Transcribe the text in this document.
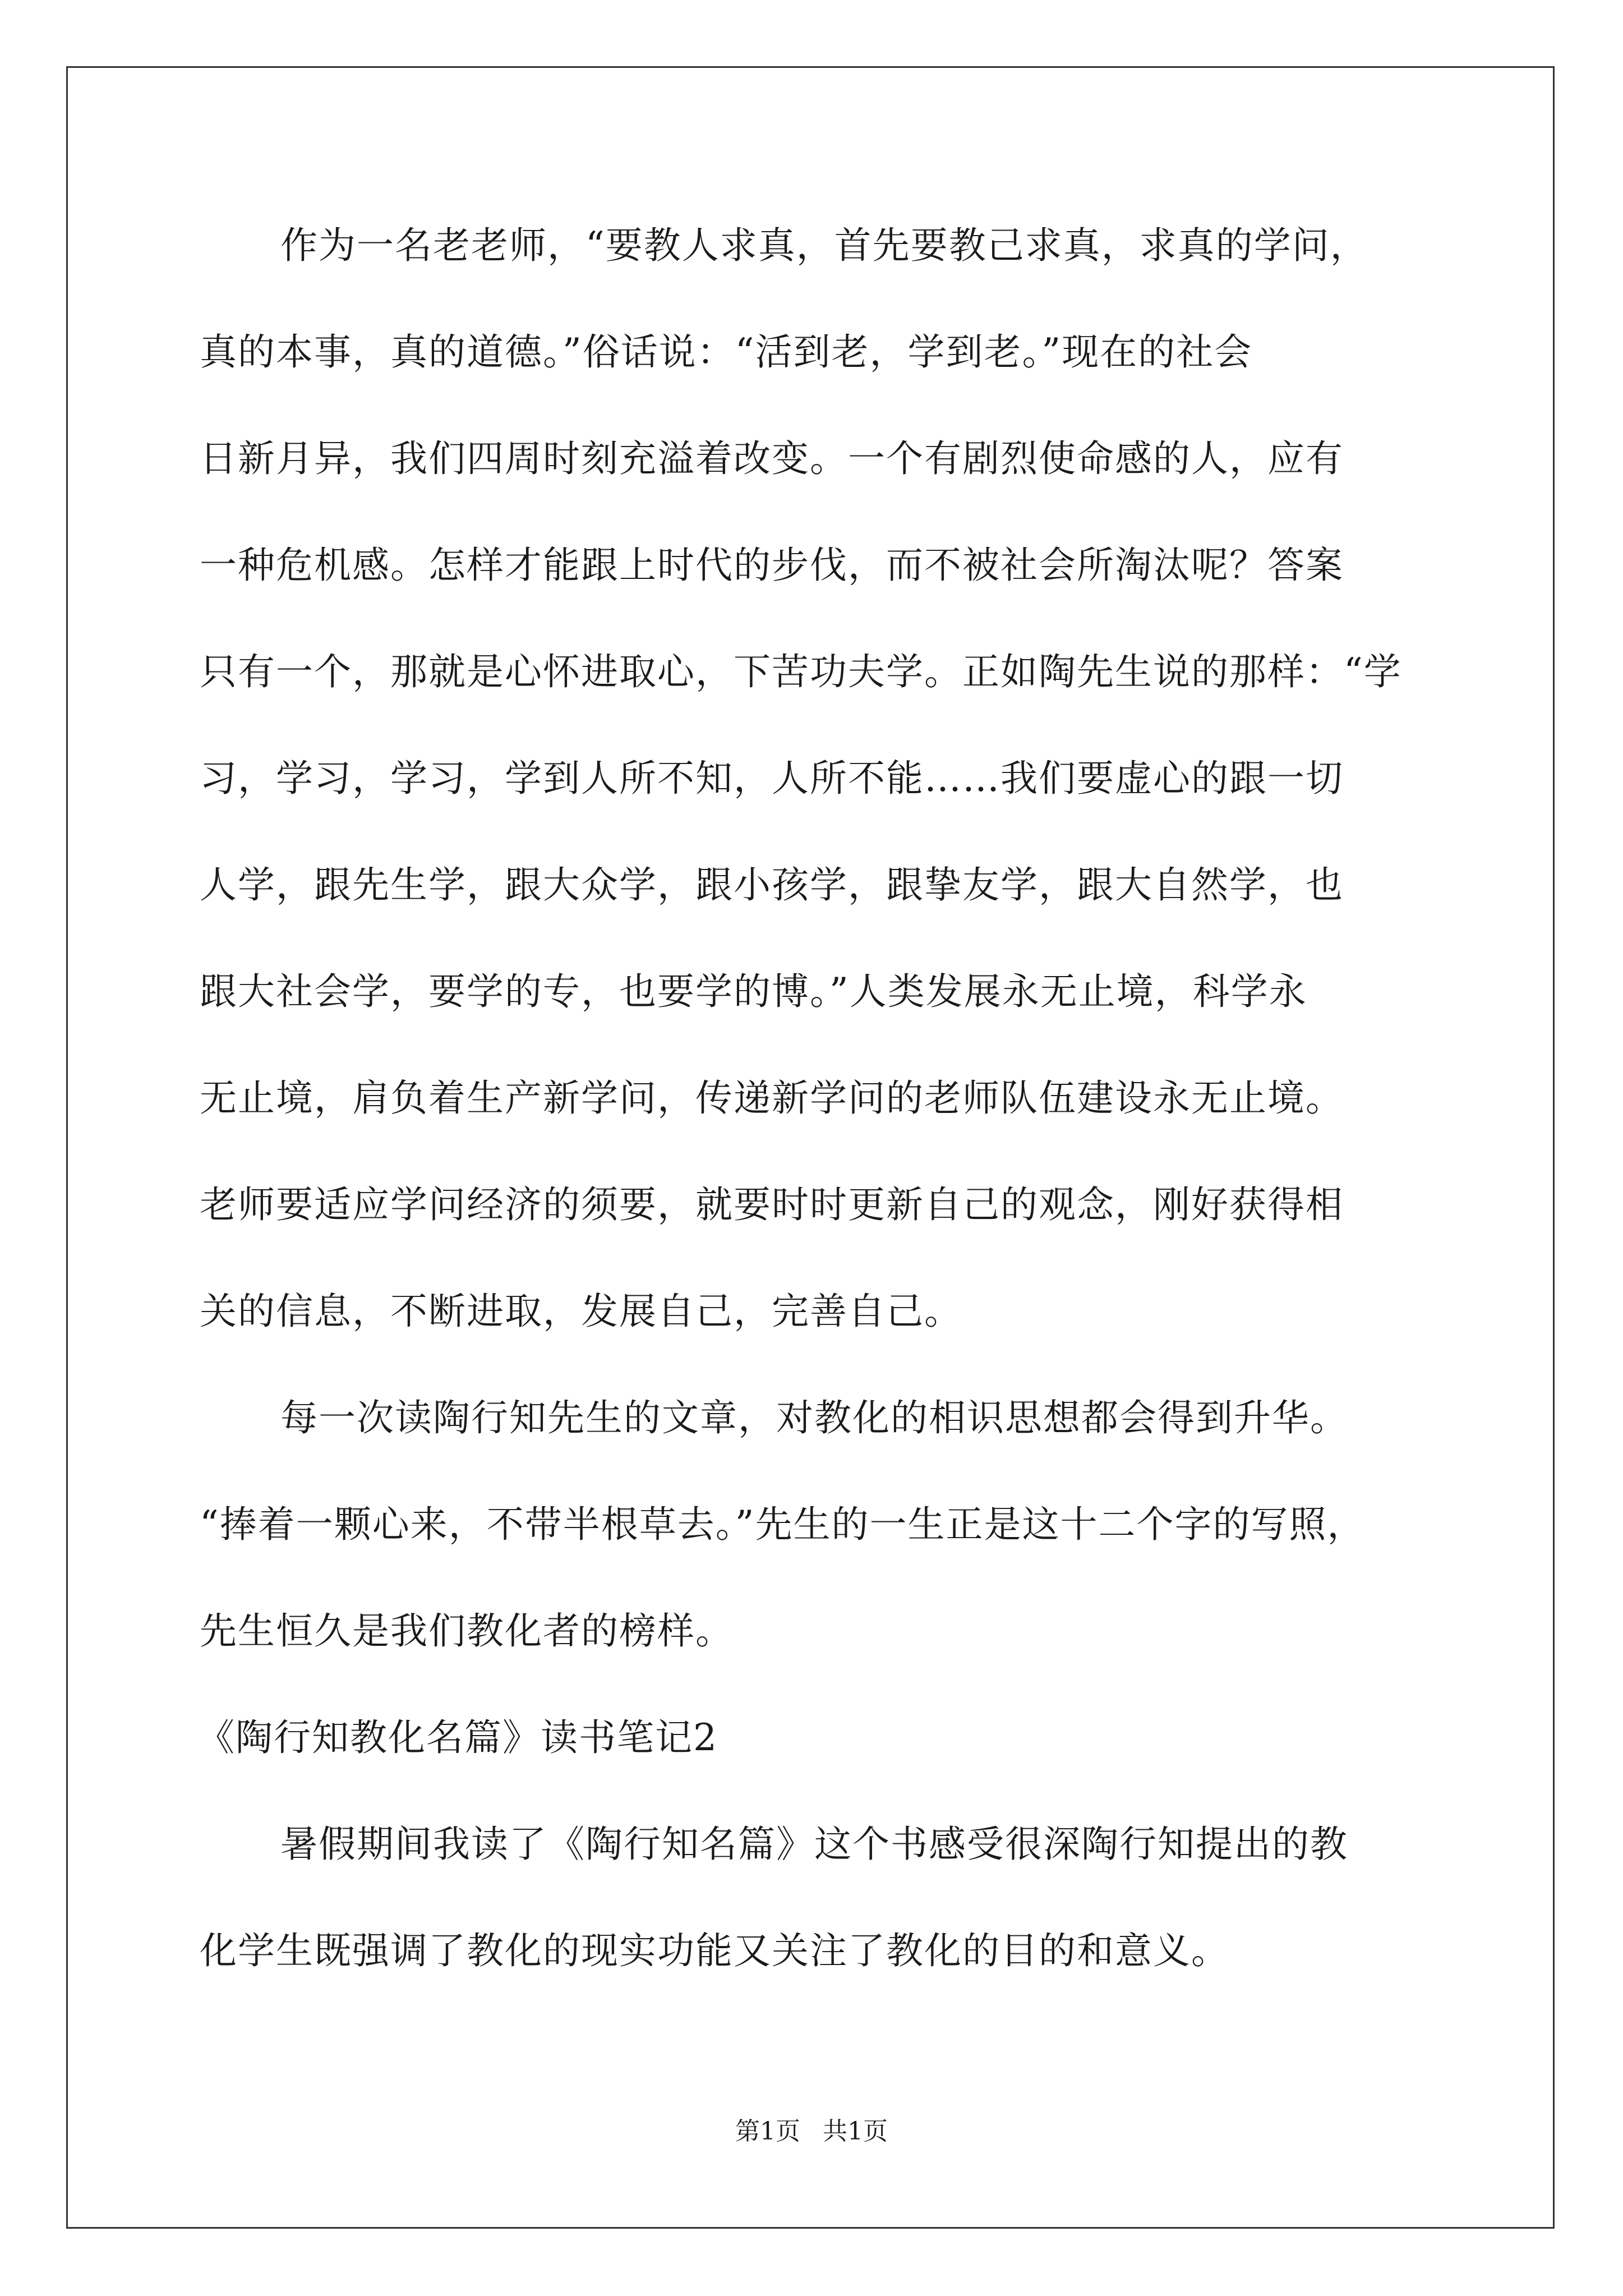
作为一名老老师，“要教人求真，首先要教己求真，求真的学问，
真的本事，真的道德。”俗话说：“活到老，学到老。”现在的社会
日新月异，我们四周时刻充溢着改变。一个有剧烈使命感的人，应有
一种危机感。怎样才能跟上时代的步伐，而不被社会所淘汰呢？答案
只有一个，那就是心怀进取心，下苦功夫学。正如陶先生说的那样：“学
习，学习，学习，学到人所不知，人所不能……我们要虚心的跟一切
人学，跟先生学，跟大众学，跟小孩学，跟挚友学，跟大自然学，也
跟大社会学，要学的专，也要学的博。”人类发展永无止境，科学永
无止境，肩负着生产新学问，传递新学问的老师队伍建设永无止境。
老师要适应学问经济的须要，就要时时更新自己的观念，刚好获得相
关的信息，不断进取，发展自己，完善自己。
每一次读陶行知先生的文章，对教化的相识思想都会得到升华。
“捧着一颗心来，不带半根草去。”先生的一生正是这十二个字的写照，
先生恒久是我们教化者的榜样。
《陶行知教化名篇》读书笔记2
暑假期间我读了《陶行知名篇》这个书感受很深陶行知提出的教
化学生既强调了教化的现实功能又关注了教化的目的和意义。
第1页 共1页
